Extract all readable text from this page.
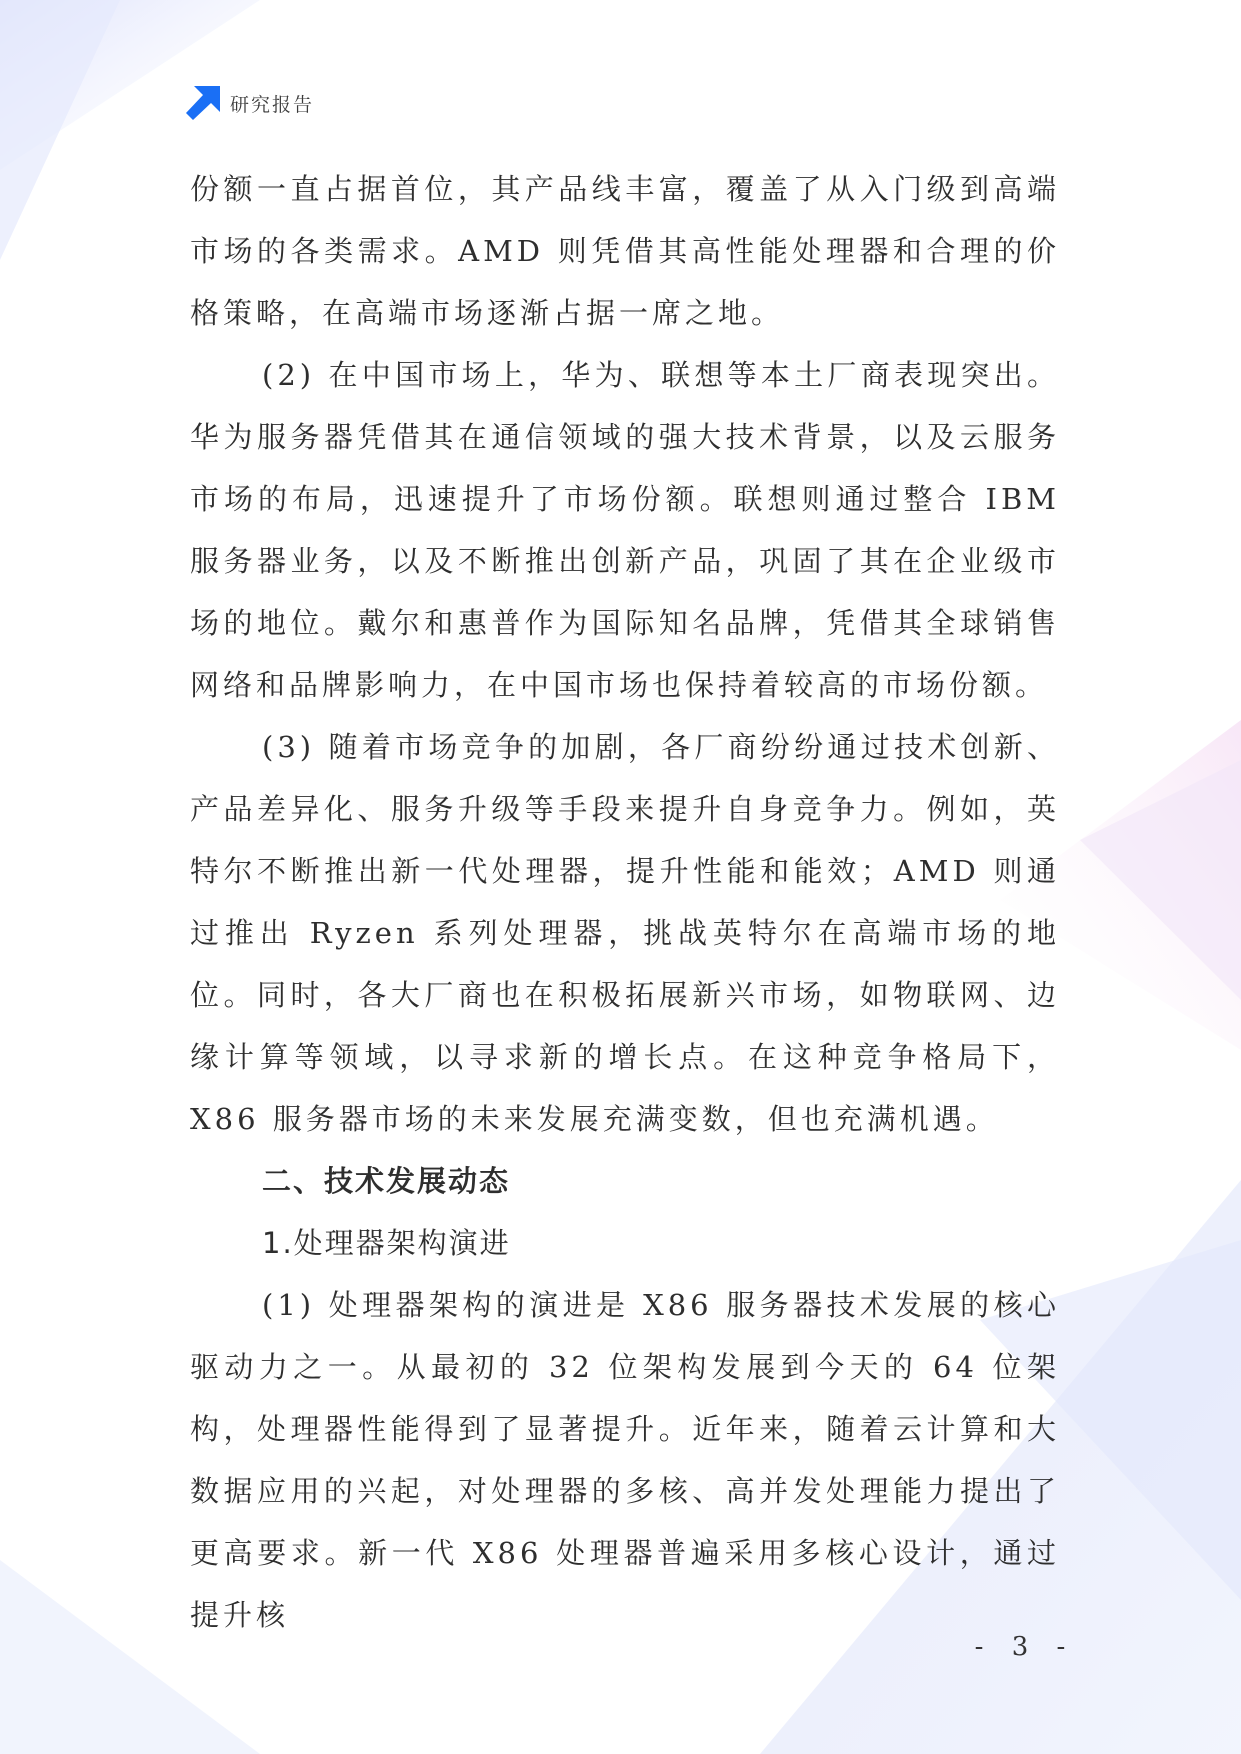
研究报告

份额一直占据首位，其产品线丰富，覆盖了从入门级到高端市场的各类需求。AMD 则凭借其高性能处理器和合理的价格策略，在高端市场逐渐占据一席之地。

(2) 在中国市场上，华为、联想等本土厂商表现突出。华为服务器凭借其在通信领域的强大技术背景，以及云服务市场的布局，迅速提升了市场份额。联想则通过整合 IBM 服务器业务，以及不断推出创新产品，巩固了其在企业级市场的地位。戴尔和惠普作为国际知名品牌，凭借其全球销售网络和品牌影响力，在中国市场也保持着较高的市场份额。

(3) 随着市场竞争的加剧，各厂商纷纷通过技术创新、产品差异化、服务升级等手段来提升自身竞争力。例如，英特尔不断推出新一代处理器，提升性能和能效；AMD 则通过推出 Ryzen 系列处理器，挑战英特尔在高端市场的地位。同时，各大厂商也在积极拓展新兴市场，如物联网、边缘计算等领域，以寻求新的增长点。在这种竞争格局下，X86 服务器市场的未来发展充满变数，但也充满机遇。

二、技术发展动态

1.处理器架构演进

(1) 处理器架构的演进是 X86 服务器技术发展的核心驱动力之一。从最初的 32 位架构发展到今天的 64 位架构，处理器性能得到了显著提升。近年来，随着云计算和大数据应用的兴起，对处理器的多核、高并发处理能力提出了更高要求。新一代 X86 处理器普遍采用多核心设计，通过提升核

- 3 -
